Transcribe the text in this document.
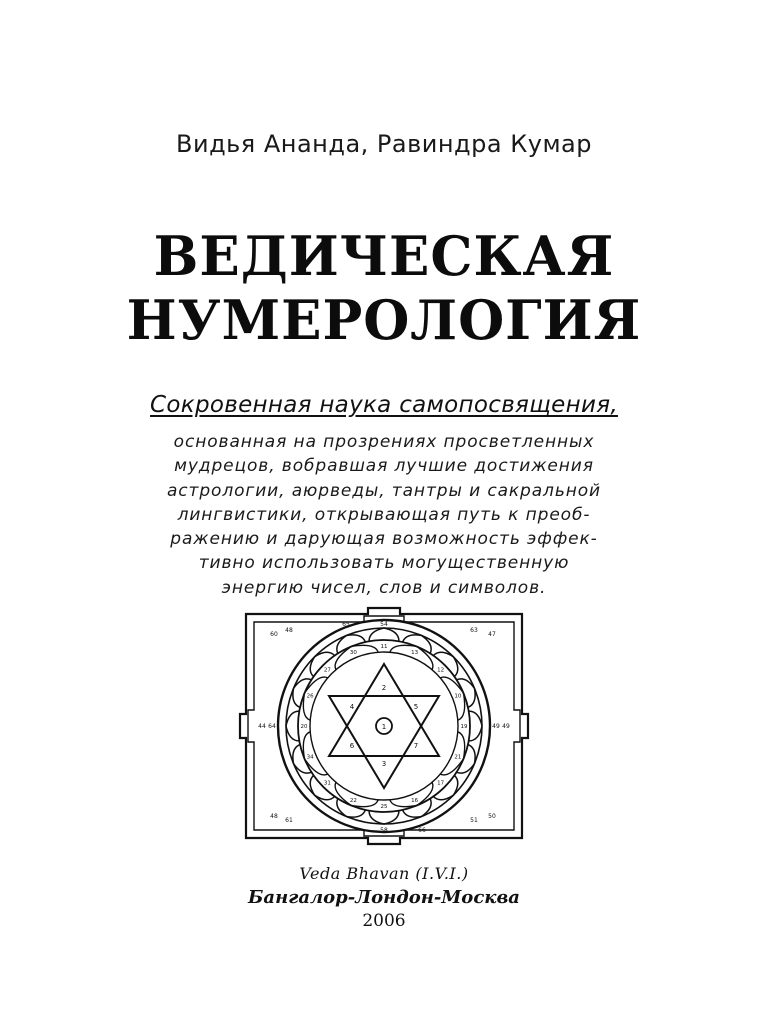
Видья Ананда, Равиндра Кумар
ВЕДИЧЕСКАЯ
НУМЕРОЛОГИЯ
Сокровенная наука самопосвящения,
основанная на прозрениях просветленных
мудрецов, вобравшая лучшие достижения
астрологии, аюрведы, тантры и сакральной
лингвистики, открывающая путь к преоб-
ражению и дарующая возможность эффек-
тивно использовать могущественную
энергию чисел, слов и символов.
1
2
3
4	5
6	7
60
48	63
47
48
61	51
50
44 64	49 49
54
58
65
66
11
13
12
10
19
21
17
16
25
22
31
34
20
26
27
30
Veda Bhavan (I.V.I.)
Бангалор-Лондон-Москва
2006
